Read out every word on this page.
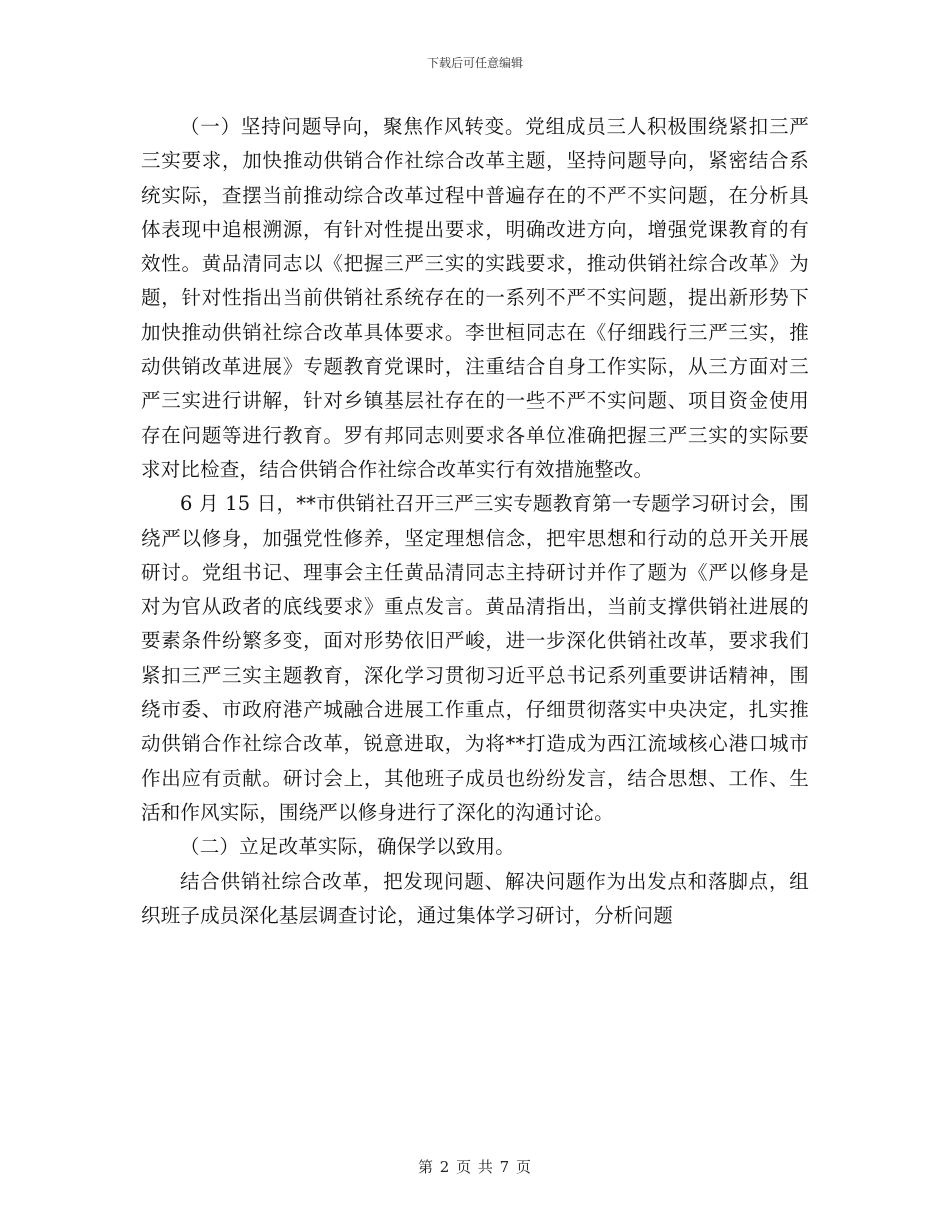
下载后可任意编辑

（一）坚持问题导向，聚焦作风转变。党组成员三人积极围绕紧扣三严三实要求，加快推动供销合作社综合改革主题，坚持问题导向，紧密结合系统实际，查摆当前推动综合改革过程中普遍存在的不严不实问题，在分析具体表现中追根溯源，有针对性提出要求，明确改进方向，增强党课教育的有效性。黄品清同志以《把握三严三实的实践要求，推动供销社综合改革》为题，针对性指出当前供销社系统存在的一系列不严不实问题，提出新形势下加快推动供销社综合改革具体要求。李世桓同志在《仔细践行三严三实，推动供销改革进展》专题教育党课时，注重结合自身工作实际，从三方面对三严三实进行讲解，针对乡镇基层社存在的一些不严不实问题、项目资金使用存在问题等进行教育。罗有邦同志则要求各单位准确把握三严三实的实际要求对比检查，结合供销合作社综合改革实行有效措施整改。

6 月 15 日，**市供销社召开三严三实专题教育第一专题学习研讨会，围绕严以修身，加强党性修养，坚定理想信念，把牢思想和行动的总开关开展研讨。党组书记、理事会主任黄品清同志主持研讨并作了题为《严以修身是对为官从政者的底线要求》重点发言。黄品清指出，当前支撑供销社进展的要素条件纷繁多变，面对形势依旧严峻，进一步深化供销社改革，要求我们紧扣三严三实主题教育，深化学习贯彻习近平总书记系列重要讲话精神，围绕市委、市政府港产城融合进展工作重点，仔细贯彻落实中央决定，扎实推动供销合作社综合改革，锐意进取，为将**打造成为西江流域核心港口城市作出应有贡献。研讨会上，其他班子成员也纷纷发言，结合思想、工作、生活和作风实际，围绕严以修身进行了深化的沟通讨论。

（二）立足改革实际，确保学以致用。

结合供销社综合改革，把发现问题、解决问题作为出发点和落脚点，组织班子成员深化基层调查讨论，通过集体学习研讨，分析问题

第 2 页 共 7 页
